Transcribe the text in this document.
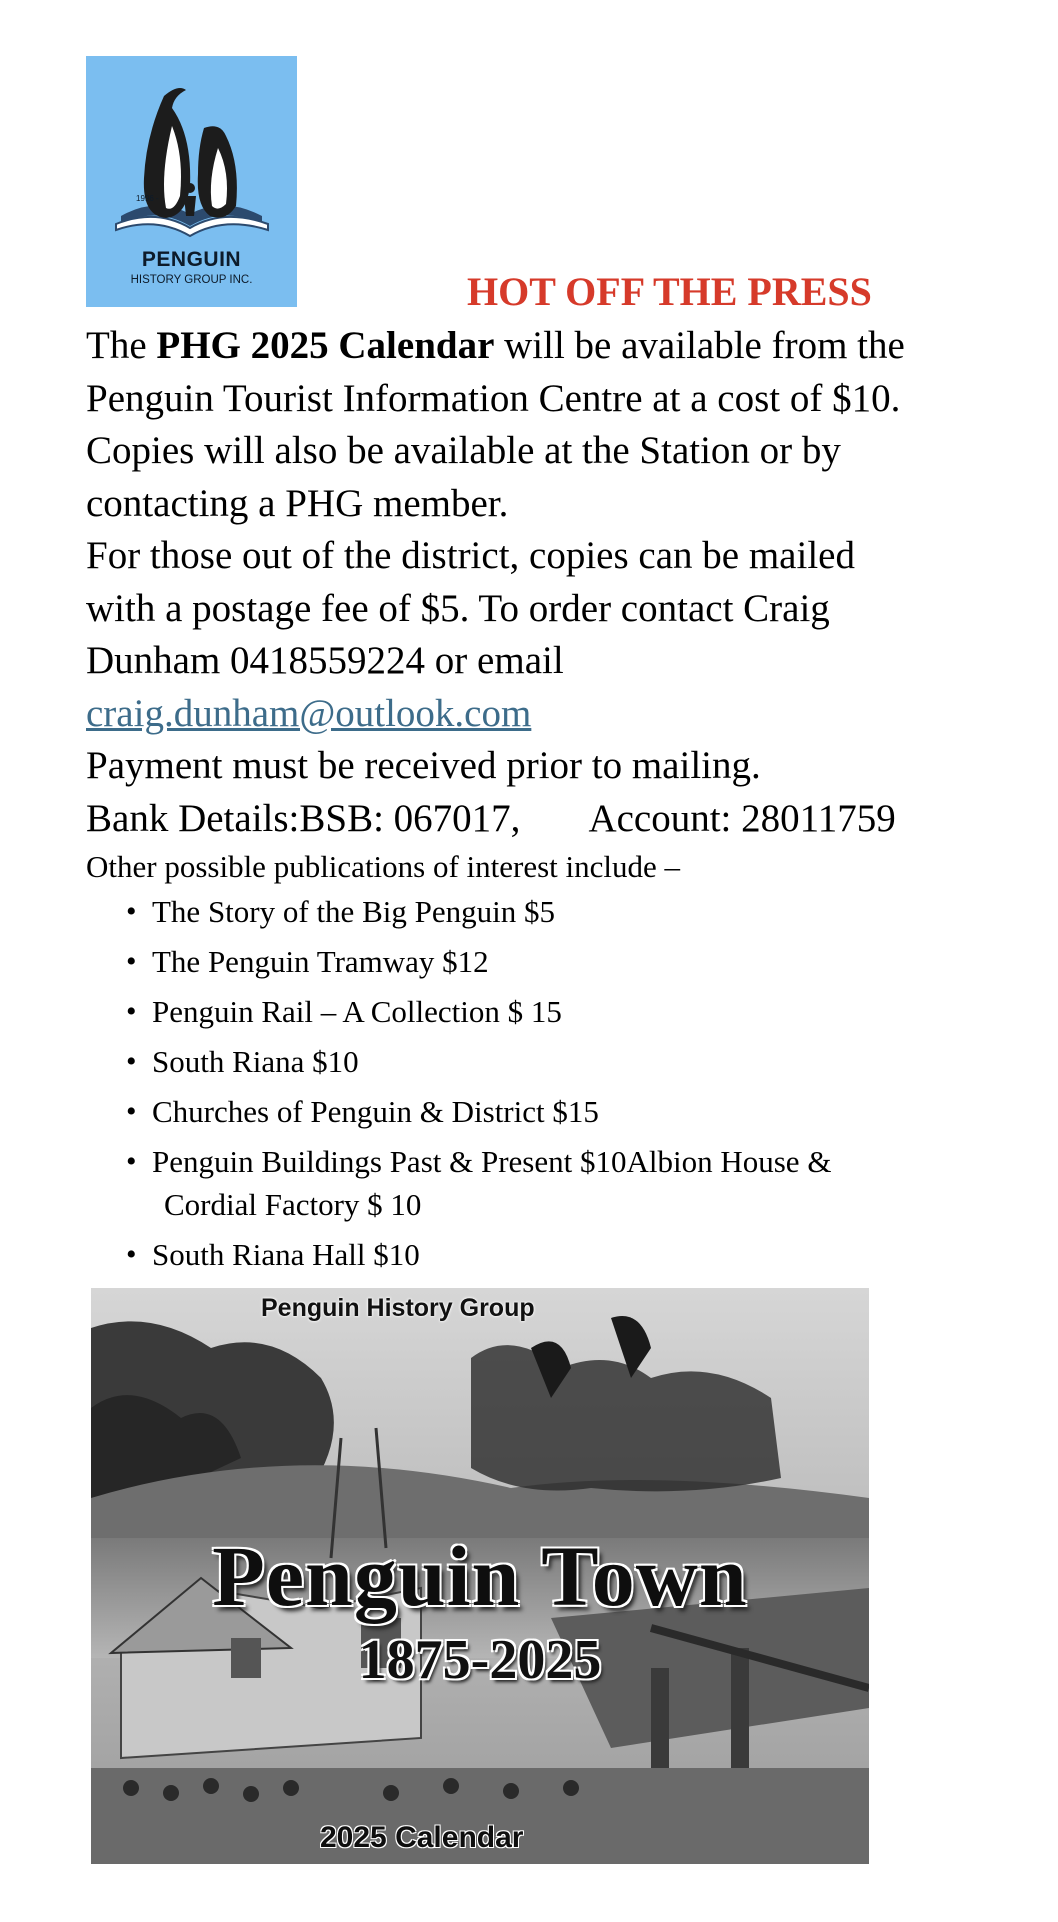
1996 -
PENGUIN
HISTORY GROUP INC.	HOT OFF THE PRESS

The PHG 2025 Calendar will be available from the

Penguin Tourist Information Centre at a cost of $10.

Copies will also be available at the Station or by

contacting a PHG member.

For those out of the district, copies can be mailed

with a postage fee of $5. To order contact Craig

Dunham 0418559224 or email

craig.dunham@outlook.com

Payment must be received prior to mailing.

Bank Details:BSB: 067017, Account: 28011759

Other possible publications of interest include –
• The Story of the Big Penguin $5
• The Penguin Tramway $12
• Penguin Rail – A Collection $ 15
• South Riana $10
• Churches of Penguin & District $15
• Penguin Buildings Past & Present $10Albion House &
Cordial Factory $ 10
• South Riana Hall $10
Penguin History Group
Penguin Town
1875-2025
2025 Calendar
